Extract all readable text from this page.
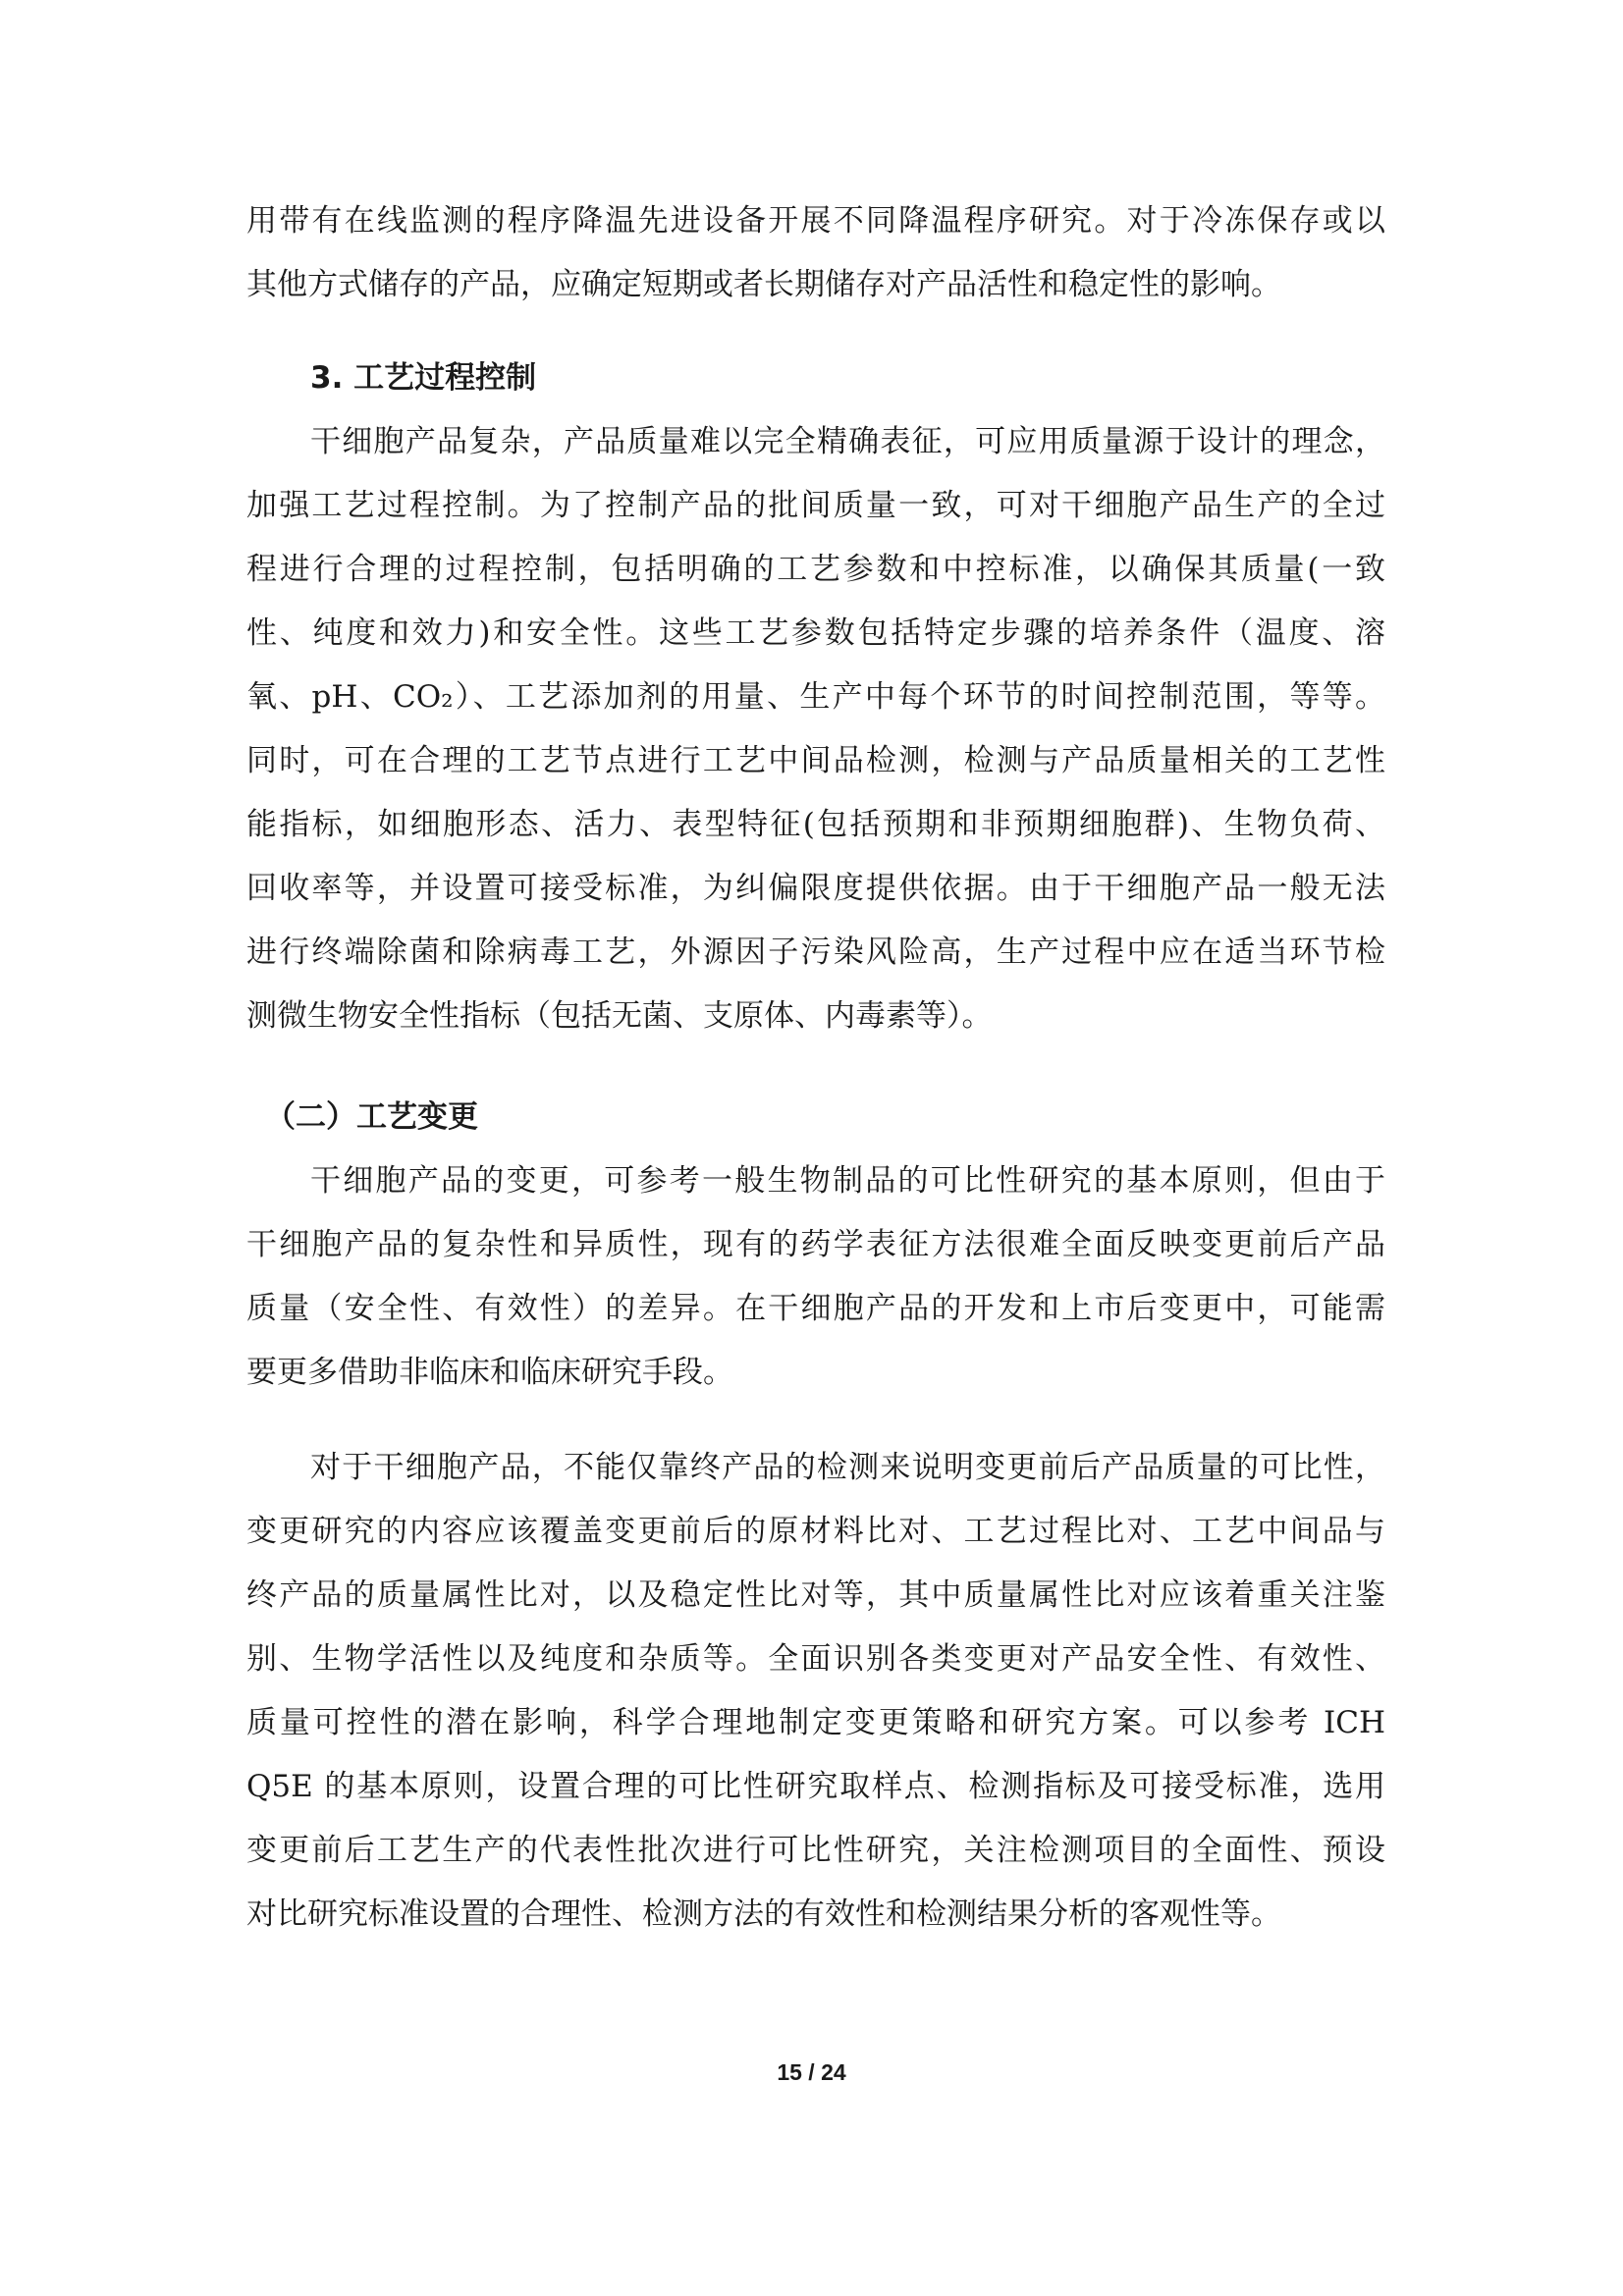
用带有在线监测的程序降温先进设备开展不同降温程序研究。对于冷冻保存或以
其他方式储存的产品，应确定短期或者长期储存对产品活性和稳定性的影响。
3. 工艺过程控制
干细胞产品复杂，产品质量难以完全精确表征，可应用质量源于设计的理念，
加强工艺过程控制。为了控制产品的批间质量一致，可对干细胞产品生产的全过
程进行合理的过程控制，包括明确的工艺参数和中控标准，以确保其质量(一致
性、纯度和效力)和安全性。这些工艺参数包括特定步骤的培养条件（温度、溶
氧、pH、CO₂）、工艺添加剂的用量、生产中每个环节的时间控制范围，等等。
同时，可在合理的工艺节点进行工艺中间品检测，检测与产品质量相关的工艺性
能指标，如细胞形态、活力、表型特征(包括预期和非预期细胞群)、生物负荷、
回收率等，并设置可接受标准，为纠偏限度提供依据。由于干细胞产品一般无法
进行终端除菌和除病毒工艺，外源因子污染风险高，生产过程中应在适当环节检
测微生物安全性指标（包括无菌、支原体、内毒素等）。
（二）工艺变更
干细胞产品的变更，可参考一般生物制品的可比性研究的基本原则，但由于
干细胞产品的复杂性和异质性，现有的药学表征方法很难全面反映变更前后产品
质量（安全性、有效性）的差异。在干细胞产品的开发和上市后变更中，可能需
要更多借助非临床和临床研究手段。
对于干细胞产品，不能仅靠终产品的检测来说明变更前后产品质量的可比性，
变更研究的内容应该覆盖变更前后的原材料比对、工艺过程比对、工艺中间品与
终产品的质量属性比对，以及稳定性比对等，其中质量属性比对应该着重关注鉴
别、生物学活性以及纯度和杂质等。全面识别各类变更对产品安全性、有效性、
质量可控性的潜在影响，科学合理地制定变更策略和研究方案。可以参考 ICH
Q5E 的基本原则，设置合理的可比性研究取样点、检测指标及可接受标准，选用
变更前后工艺生产的代表性批次进行可比性研究，关注检测项目的全面性、预设
对比研究标准设置的合理性、检测方法的有效性和检测结果分析的客观性等。
15 / 24
